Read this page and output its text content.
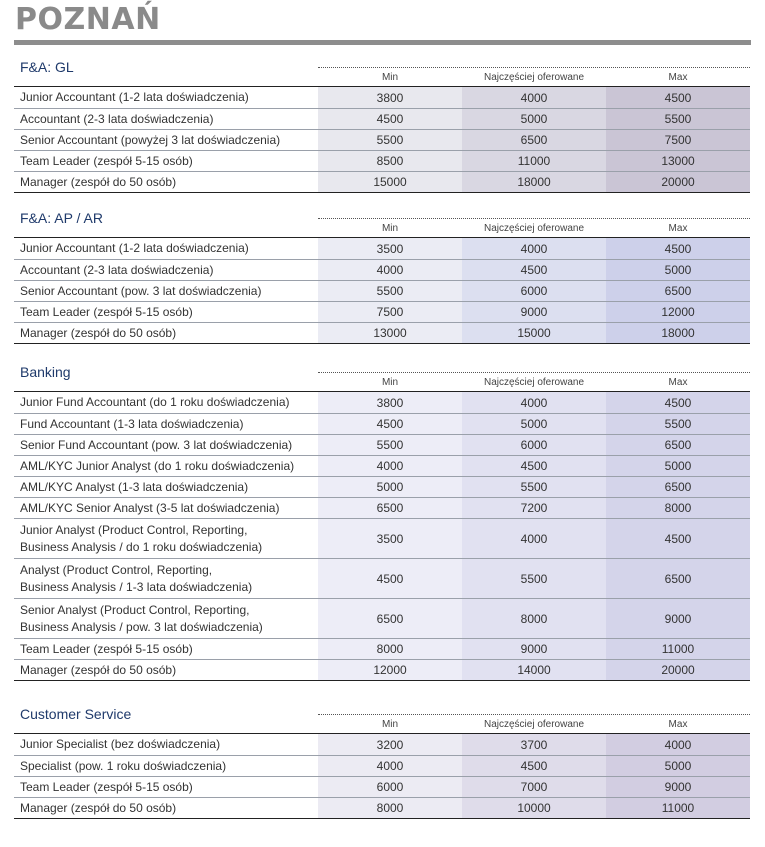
POZNAŃ
F&A: GL
Min	Najczęściej oferowane	Max
Junior Accountant (1-2 lata doświadczenia)	3800	4000	4500
Accountant (2-3 lata doświadczenia)	4500	5000	5500
Senior Accountant (powyżej 3 lat doświadczenia)	5500	6500	7500
Team Leader (zespół 5-15 osób)	8500	11000	13000
Manager (zespół do 50 osób)	15000	18000	20000
F&A: AP / AR
Min	Najczęściej oferowane	Max
Junior Accountant (1-2 lata doświadczenia)	3500	4000	4500
Accountant (2-3 lata doświadczenia)	4000	4500	5000
Senior Accountant (pow. 3 lat doświadczenia)	5500	6000	6500
Team Leader (zespół 5-15 osób)	7500	9000	12000
Manager (zespół do 50 osób)	13000	15000	18000
Banking
Min	Najczęściej oferowane	Max
Junior Fund Accountant (do 1 roku doświadczenia)	3800	4000	4500
Fund Accountant (1-3 lata doświadczenia)	4500	5000	5500
Senior Fund Accountant (pow. 3 lat doświadczenia)	5500	6000	6500
AML/KYC Junior Analyst (do 1 roku doświadczenia)	4000	4500	5000
AML/KYC Analyst (1-3 lata doświadczenia)	5000	5500	6500
AML/KYC Senior Analyst (3-5 lat doświadczenia)	6500	7200	8000
Junior Analyst (Product Control, Reporting,
Business Analysis / do 1 roku doświadczenia)
3500	4000	4500
Analyst (Product Control, Reporting,
Business Analysis / 1-3 lata doświadczenia)
4500	5500	6500
Senior Analyst (Product Control, Reporting,
Business Analysis / pow. 3 lat doświadczenia)
6500	8000	9000
Team Leader (zespół 5-15 osób)	8000	9000	11000
Manager (zespół do 50 osób)	12000	14000	20000
Customer Service
Min	Najczęściej oferowane	Max
Junior Specialist (bez doświadczenia)	3200	3700	4000
Specialist (pow. 1 roku doświadczenia)	4000	4500	5000
Team Leader (zespół 5-15 osób)	6000	7000	9000
Manager (zespół do 50 osób)	8000	10000	11000
